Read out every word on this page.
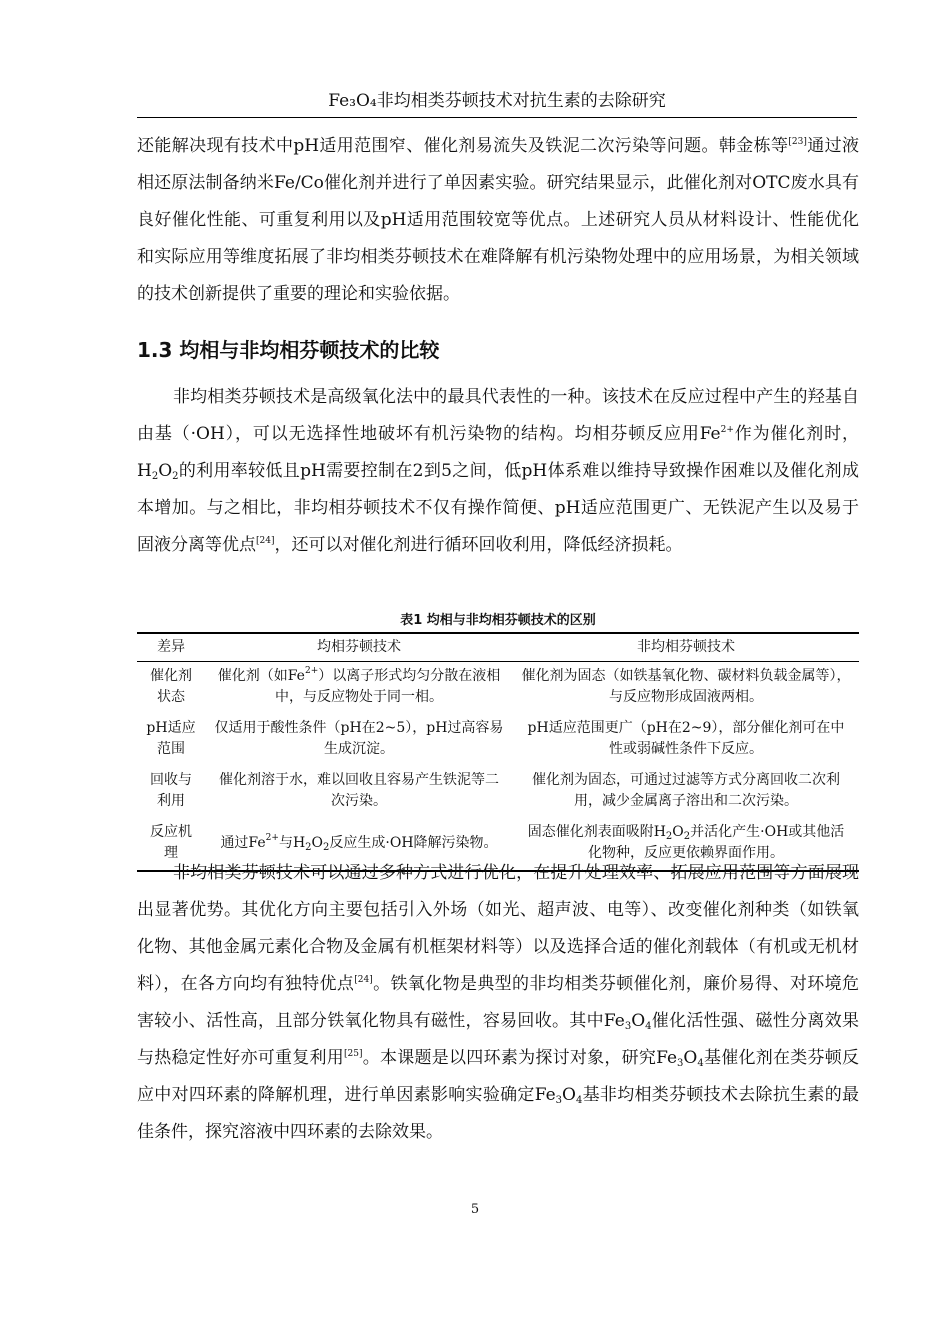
Fe₃O₄非均相类芬顿技术对抗生素的去除研究
还能解决现有技术中pH适用范围窄、催化剂易流失及铁泥二次污染等问题。韩金栋等[23]通过液相还原法制备纳米Fe/Co催化剂并进行了单因素实验。研究结果显示，此催化剂对OTC废水具有良好催化性能、可重复利用以及pH适用范围较宽等优点。上述研究人员从材料设计、性能优化和实际应用等维度拓展了非均相类芬顿技术在难降解有机污染物处理中的应用场景，为相关领域的技术创新提供了重要的理论和实验依据。
1.3 均相与非均相芬顿技术的比较
非均相类芬顿技术是高级氧化法中的最具代表性的一种。该技术在反应过程中产生的羟基自由基（·OH），可以无选择性地破坏有机污染物的结构。均相芬顿反应用$Fe^{2+}$作为催化剂时，$H_2O_2$的利用率较低且pH需要控制在2到5之间，低pH体系难以维持导致操作困难以及催化剂成本增加。与之相比，非均相芬顿技术不仅有操作简便、pH适应范围更广、无铁泥产生以及易于固液分离等优点[24]，还可以对催化剂进行循环回收利用，降低经济损耗。
表1 均相与非均相芬顿技术的区别
差异	均相芬顿技术	非均相芬顿技术
催化剂状态	催化剂（如$Fe^{2+}$）以离子形式均匀分散在液相中，与反应物处于同一相。	催化剂为固态（如铁基氧化物、碳材料负载金属等），与反应物形成固液两相。
pH适应范围	仅适用于酸性条件（pH在2~5），pH过高容易生成沉淀。	pH适应范围更广（pH在2~9），部分催化剂可在中性或弱碱性条件下反应。
回收与利用	催化剂溶于水，难以回收且容易产生铁泥等二次污染。	催化剂为固态，可通过过滤等方式分离回收二次利用，减少金属离子溶出和二次污染。
反应机理	通过$Fe^{2+}$与$H_2O_2$反应生成·OH降解污染物。	固态催化剂表面吸附$H_2O_2$并活化产生·OH或其他活化物种，反应更依赖界面作用。
非均相类芬顿技术可以通过多种方式进行优化，在提升处理效率、拓展应用范围等方面展现出显著优势。其优化方向主要包括引入外场（如光、超声波、电等）、改变催化剂种类（如铁氧化物、其他金属元素化合物及金属有机框架材料等）以及选择合适的催化剂载体（有机或无机材料），在各方向均有独特优点[24]。铁氧化物是典型的非均相类芬顿催化剂，廉价易得、对环境危害较小、活性高，且部分铁氧化物具有磁性，容易回收。其中$Fe_3O_4$催化活性强、磁性分离效果与热稳定性好亦可重复利用[25]。本课题是以四环素为探讨对象，研究$Fe_3O_4$基催化剂在类芬顿反应中对四环素的降解机理，进行单因素影响实验确定$Fe_3O_4$基非均相类芬顿技术去除抗生素的最佳条件，探究溶液中四环素的去除效果。
5
